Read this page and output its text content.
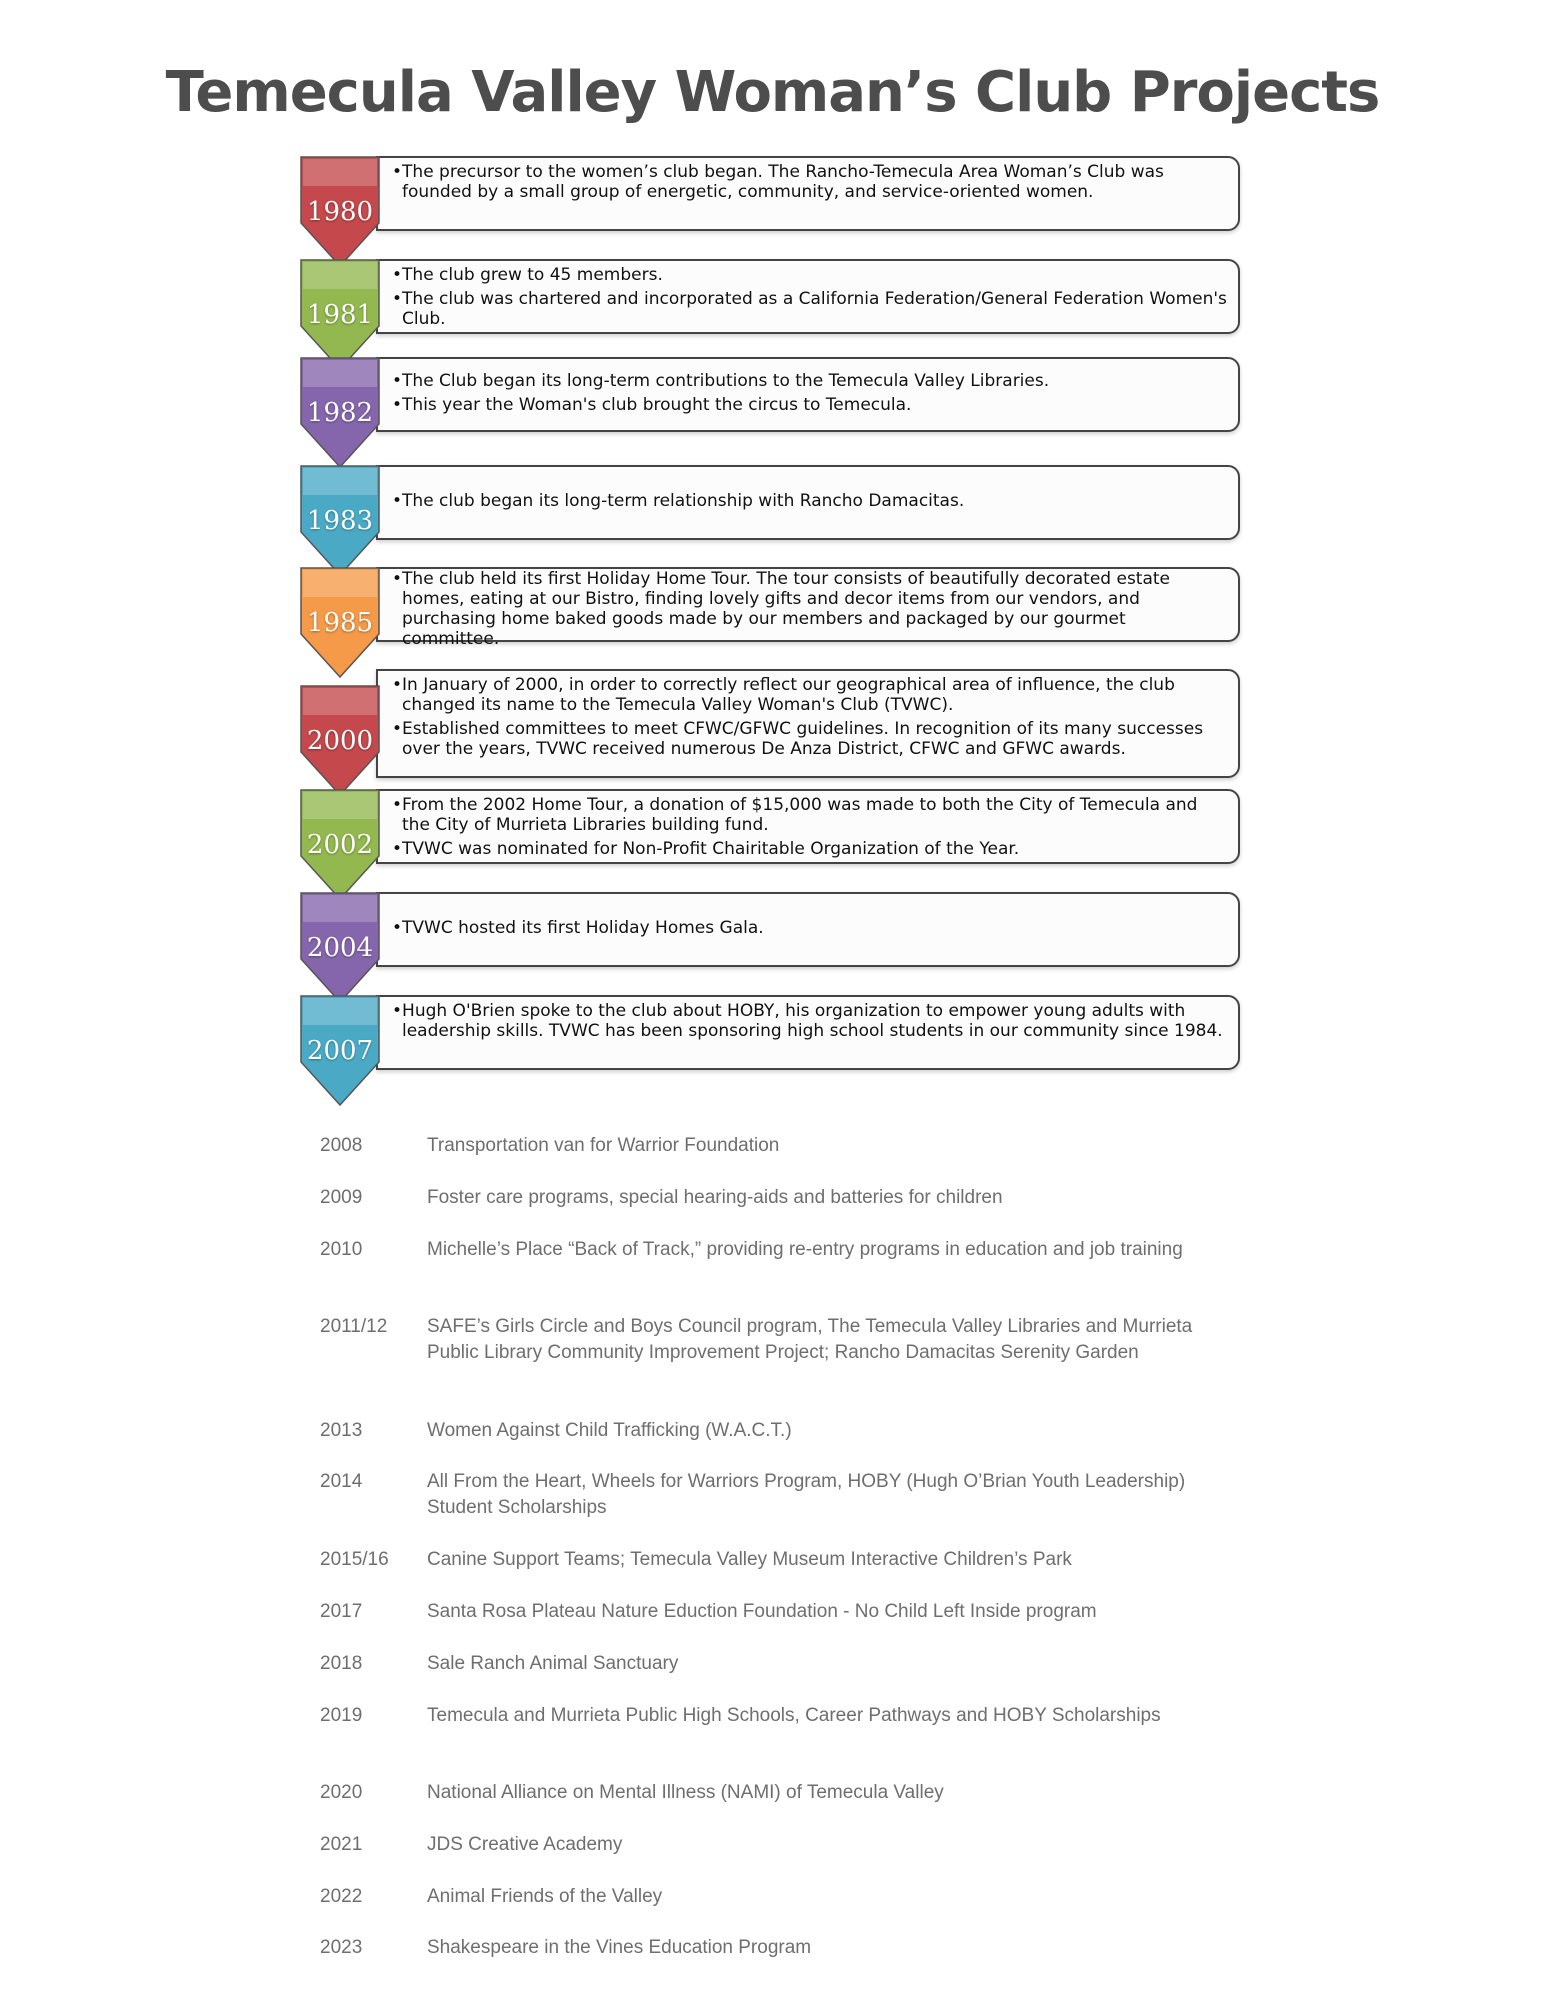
Temecula Valley Woman’s Club Projects
1980
• The precursor to the women’s club began. The Rancho-Temecula Area Woman’s Club was founded by a small group of energetic, community, and service-oriented women.
1981
• The club grew to 45 members.
• The club was chartered and incorporated as a California Federation/General Federation Women's Club.
1982
• The Club began its long-term contributions to the Temecula Valley Libraries.
• This year the Woman's club brought the circus to Temecula.
1983
• The club began its long-term relationship with Rancho Damacitas.
1985
• The club held its first Holiday Home Tour. The tour consists of beautifully decorated estate homes, eating at our Bistro, finding lovely gifts and decor items from our vendors, and purchasing home baked goods made by our members and packaged by our gourmet committee.
2000
• In January of 2000, in order to correctly reflect our geographical area of influence, the club changed its name to the Temecula Valley Woman's Club (TVWC).
• Established committees to meet CFWC/GFWC guidelines. In recognition of its many successes over the years, TVWC received numerous De Anza District, CFWC and GFWC awards.
2002
• From the 2002 Home Tour, a donation of $15,000 was made to both the City of Temecula and the City of Murrieta Libraries building fund.
• TVWC was nominated for Non-Profit Chairitable Organization of the Year.
2004
• TVWC hosted its first Holiday Homes Gala.
2007
• Hugh O'Brien spoke to the club about HOBY, his organization to empower young adults with leadership skills. TVWC has been sponsoring high school students in our community since 1984.
2008	Transportation van for Warrior Foundation
2009	Foster care programs, special hearing-aids and batteries for children
2010	Michelle’s Place “Back of Track,” providing re-entry programs in education and job training
2011/12	SAFE’s Girls Circle and Boys Council program, The Temecula Valley Libraries and Murrieta Public Library Community Improvement Project; Rancho Damacitas Serenity Garden
2013	Women Against Child Trafficking (W.A.C.T.)
2014	All From the Heart, Wheels for Warriors Program, HOBY (Hugh O’Brian Youth Leadership) Student Scholarships
2015/16	Canine Support Teams; Temecula Valley Museum Interactive Children’s Park
2017	Santa Rosa Plateau Nature Eduction Foundation - No Child Left Inside program
2018	Sale Ranch Animal Sanctuary
2019	Temecula and Murrieta Public High Schools, Career Pathways and HOBY Scholarships
2020	National Alliance on Mental Illness (NAMI) of Temecula Valley
2021	JDS Creative Academy
2022	Animal Friends of the Valley
2023	Shakespeare in the Vines Education Program
